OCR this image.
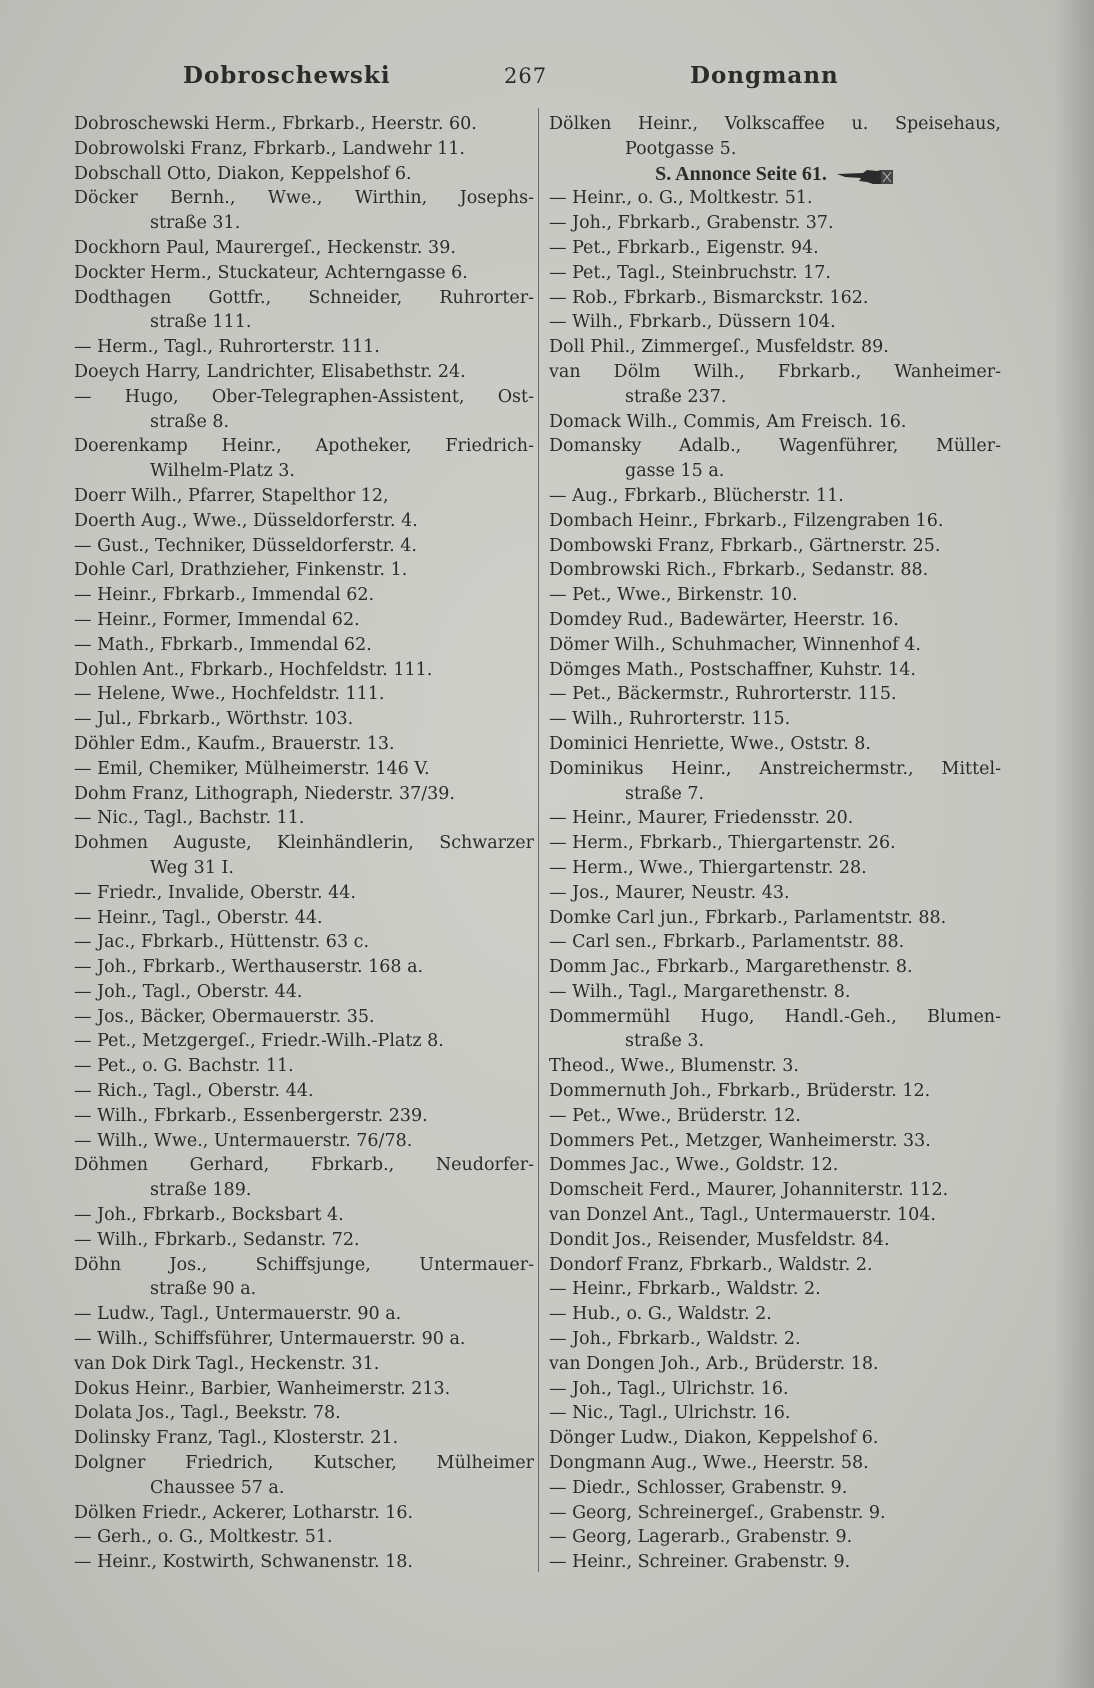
Dobroschewski	267	Dongmann
Dobroschewski Herm., Fbrkarb., Heerstr. 60.
Dobrowolski Franz, Fbrkarb., Landwehr 11.
Dobschall Otto, Diakon, Keppelshof 6.
Döcker Bernh., Wwe., Wirthin, Josephs-
straße 31.
Dockhorn Paul, Maurergeſ., Heckenstr. 39.
Dockter Herm., Stuckateur, Achterngasse 6.
Dodthagen Gottfr., Schneider, Ruhrorter-
straße 111.
— Herm., Tagl., Ruhrorterstr. 111.
Doeych Harry, Landrichter, Elisabethstr. 24.
— Hugo, Ober-Telegraphen-Assistent, Ost-
straße 8.
Doerenkamp Heinr., Apotheker, Friedrich-
Wilhelm-Platz 3.
Doerr Wilh., Pfarrer, Stapelthor 12,
Doerth Aug., Wwe., Düsseldorferstr. 4.
— Gust., Techniker, Düsseldorferstr. 4.
Dohle Carl, Drathzieher, Finkenstr. 1.
— Heinr., Fbrkarb., Immendal 62.
— Heinr., Former, Immendal 62.
— Math., Fbrkarb., Immendal 62.
Dohlen Ant., Fbrkarb., Hochfeldstr. 111.
— Helene, Wwe., Hochfeldstr. 111.
— Jul., Fbrkarb., Wörthstr. 103.
Döhler Edm., Kaufm., Brauerstr. 13.
— Emil, Chemiker, Mülheimerstr. 146 V.
Dohm Franz, Lithograph, Niederstr. 37/39.
— Nic., Tagl., Bachstr. 11.
Dohmen Auguste, Kleinhändlerin, Schwarzer
Weg 31 I.
— Friedr., Invalide, Oberstr. 44.
— Heinr., Tagl., Oberstr. 44.
— Jac., Fbrkarb., Hüttenstr. 63 c.
— Joh., Fbrkarb., Werthauserstr. 168 a.
— Joh., Tagl., Oberstr. 44.
— Jos., Bäcker, Obermauerstr. 35.
— Pet., Metzgergeſ., Friedr.-Wilh.-Platz 8.
— Pet., o. G. Bachstr. 11.
— Rich., Tagl., Oberstr. 44.
— Wilh., Fbrkarb., Essenbergerstr. 239.
— Wilh., Wwe., Untermauerstr. 76/78.
Döhmen Gerhard, Fbrkarb., Neudorfer-
straße 189.
— Joh., Fbrkarb., Bocksbart 4.
— Wilh., Fbrkarb., Sedanstr. 72.
Döhn Jos., Schiffsjunge, Untermauer-
straße 90 a.
— Ludw., Tagl., Untermauerstr. 90 a.
— Wilh., Schiffsführer, Untermauerstr. 90 a.
van Dok Dirk Tagl., Heckenstr. 31.
Dokus Heinr., Barbier, Wanheimerstr. 213.
Dolata Jos., Tagl., Beekstr. 78.
Dolinsky Franz, Tagl., Klosterstr. 21.
Dolgner Friedrich, Kutscher, Mülheimer
Chaussee 57 a.
Dölken Friedr., Ackerer, Lotharstr. 16.
— Gerh., o. G., Moltkestr. 51.
— Heinr., Kostwirth, Schwanenstr. 18.
Dölken Heinr., Volkscaffee u. Speisehaus,
Pootgasse 5.
S. Annonce Seite 61.
— Heinr., o. G., Moltkestr. 51.
— Joh., Fbrkarb., Grabenstr. 37.
— Pet., Fbrkarb., Eigenstr. 94.
— Pet., Tagl., Steinbruchstr. 17.
— Rob., Fbrkarb., Bismarckstr. 162.
— Wilh., Fbrkarb., Düssern 104.
Doll Phil., Zimmergeſ., Musfeldstr. 89.
van Dölm Wilh., Fbrkarb., Wanheimer-
straße 237.
Domack Wilh., Commis, Am Freisch. 16.
Domansky Adalb., Wagenführer, Müller-
gasse 15 a.
— Aug., Fbrkarb., Blücherstr. 11.
Dombach Heinr., Fbrkarb., Filzengraben 16.
Dombowski Franz, Fbrkarb., Gärtnerstr. 25.
Dombrowski Rich., Fbrkarb., Sedanstr. 88.
— Pet., Wwe., Birkenstr. 10.
Domdey Rud., Badewärter, Heerstr. 16.
Dömer Wilh., Schuhmacher, Winnenhof 4.
Dömges Math., Postschaffner, Kuhstr. 14.
— Pet., Bäckermstr., Ruhrorterstr. 115.
— Wilh., Ruhrorterstr. 115.
Dominici Henriette, Wwe., Oststr. 8.
Dominikus Heinr., Anstreichermstr., Mittel-
straße 7.
— Heinr., Maurer, Friedensstr. 20.
— Herm., Fbrkarb., Thiergartenstr. 26.
— Herm., Wwe., Thiergartenstr. 28.
— Jos., Maurer, Neustr. 43.
Domke Carl jun., Fbrkarb., Parlamentstr. 88.
— Carl sen., Fbrkarb., Parlamentstr. 88.
Domm Jac., Fbrkarb., Margarethenstr. 8.
— Wilh., Tagl., Margarethenstr. 8.
Dommermühl Hugo, Handl.-Geh., Blumen-
straße 3.
Theod., Wwe., Blumenstr. 3.
Dommernuth Joh., Fbrkarb., Brüderstr. 12.
— Pet., Wwe., Brüderstr. 12.
Dommers Pet., Metzger, Wanheimerstr. 33.
Dommes Jac., Wwe., Goldstr. 12.
Domscheit Ferd., Maurer, Johanniterstr. 112.
van Donzel Ant., Tagl., Untermauerstr. 104.
Dondit Jos., Reisender, Musfeldstr. 84.
Dondorf Franz, Fbrkarb., Waldstr. 2.
— Heinr., Fbrkarb., Waldstr. 2.
— Hub., o. G., Waldstr. 2.
— Joh., Fbrkarb., Waldstr. 2.
van Dongen Joh., Arb., Brüderstr. 18.
— Joh., Tagl., Ulrichstr. 16.
— Nic., Tagl., Ulrichstr. 16.
Dönger Ludw., Diakon, Keppelshof 6.
Dongmann Aug., Wwe., Heerstr. 58.
— Diedr., Schlosser, Grabenstr. 9.
— Georg, Schreinergeſ., Grabenstr. 9.
— Georg, Lagerarb., Grabenstr. 9.
— Heinr., Schreiner. Grabenstr. 9.
